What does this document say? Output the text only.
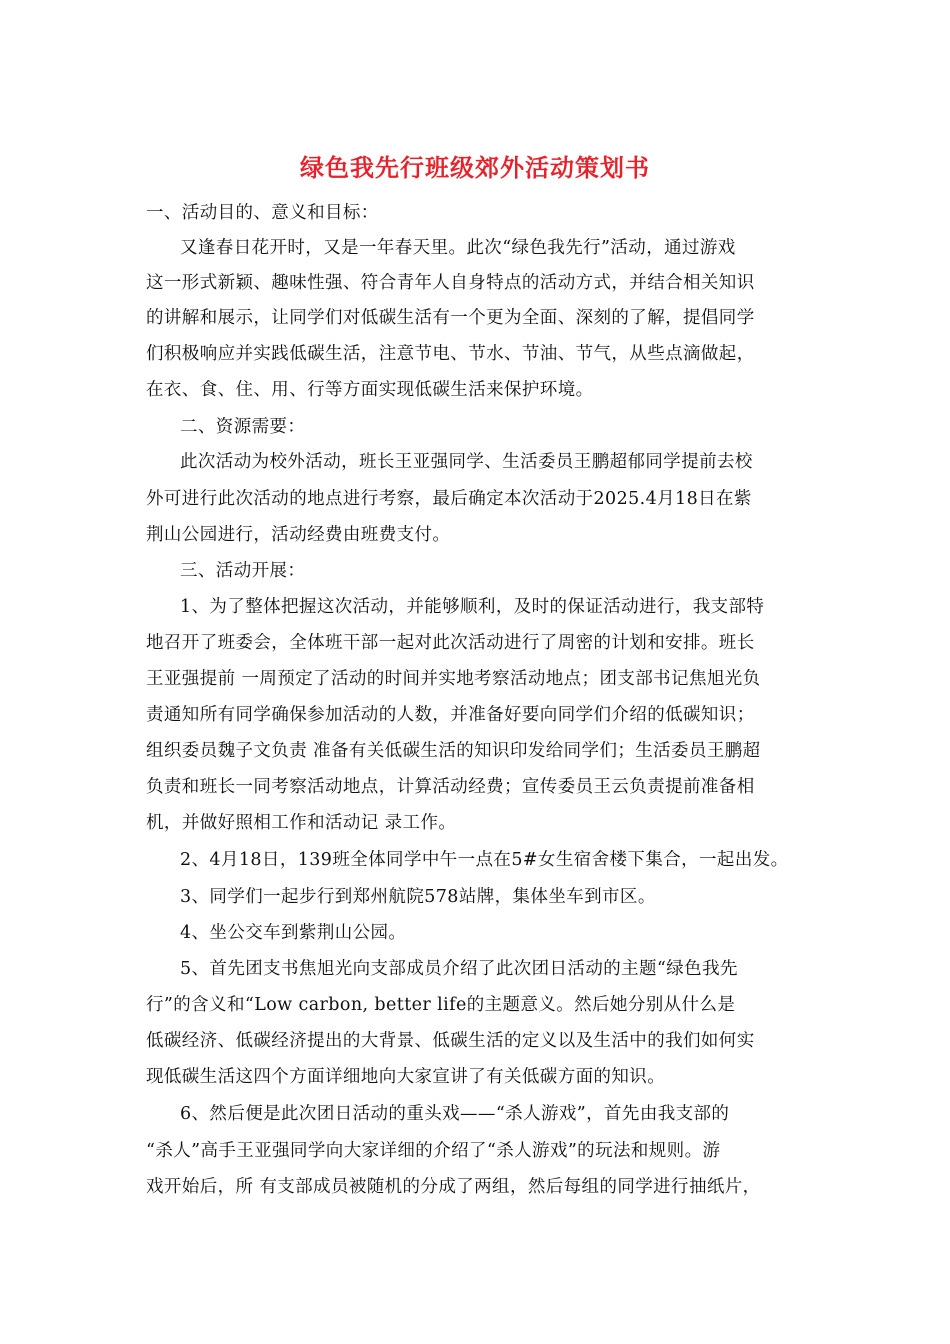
绿色我先行班级郊外活动策划书
一、活动目的、意义和目标：
又逢春日花开时，又是一年春天里。此次“绿色我先行”活动，通过游戏
这一形式新颖、趣味性强、符合青年人自身特点的活动方式，并结合相关知识
的讲解和展示，让同学们对低碳生活有一个更为全面、深刻的了解，提倡同学
们积极响应并实践低碳生活，注意节电、节水、节油、节气，从些点滴做起，
在衣、食、住、用、行等方面实现低碳生活来保护环境。
二、资源需要：
此次活动为校外活动，班长王亚强同学、生活委员王鹏超郁同学提前去校
外可进行此次活动的地点进行考察，最后确定本次活动于2025.4月18日在紫
荆山公园进行，活动经费由班费支付。
三、活动开展：
1、为了整体把握这次活动，并能够顺利，及时的保证活动进行，我支部特
地召开了班委会，全体班干部一起对此次活动进行了周密的计划和安排。班长
王亚强提前 一周预定了活动的时间并实地考察活动地点；团支部书记焦旭光负
责通知所有同学确保参加活动的人数，并准备好要向同学们介绍的低碳知识；
组织委员魏子文负责 准备有关低碳生活的知识印发给同学们；生活委员王鹏超
负责和班长一同考察活动地点，计算活动经费；宣传委员王云负责提前准备相
机，并做好照相工作和活动记 录工作。
2、4月18日，139班全体同学中午一点在5#女生宿舍楼下集合，一起出发。
3、同学们一起步行到郑州航院578站牌，集体坐车到市区。
4、坐公交车到紫荆山公园。
5、首先团支书焦旭光向支部成员介绍了此次团日活动的主题“绿色我先
行”的含义和“Low carbon, better life的主题意义。然后她分别从什么是
低碳经济、低碳经济提出的大背景、低碳生活的定义以及生活中的我们如何实
现低碳生活这四个方面详细地向大家宣讲了有关低碳方面的知识。
6、然后便是此次团日活动的重头戏——“杀人游戏”，首先由我支部的
“杀人”高手王亚强同学向大家详细的介绍了“杀人游戏”的玩法和规则。游
戏开始后，所 有支部成员被随机的分成了两组，然后每组的同学进行抽纸片，
